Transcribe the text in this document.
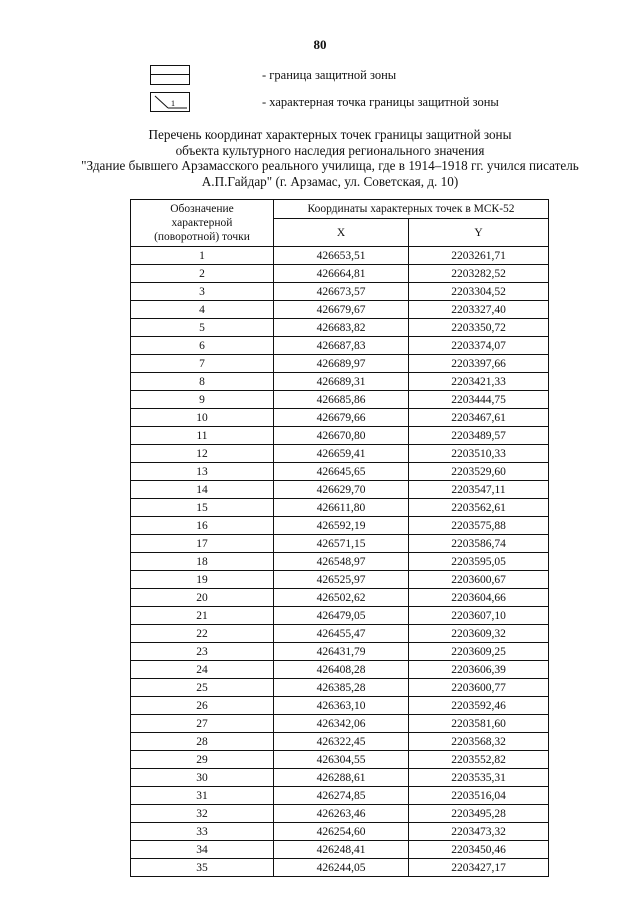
80
- граница защитной зоны
1	- характерная точка границы защитной зоны
Перечень координат характерных точек границы защитной зоны
объекта культурного наследия регионального значения
"Здание бывшего Арзамасского реального училища, где в 1914–1918 гг. учился писатель
А.П.Гайдар" (г. Арзамас, ул. Советская, д. 10)
Обозначение
характерной
(поворотной) точки	Координаты характерных точек в МСК-52	
	X	Y
1	426653,51	2203261,71
2	426664,81	2203282,52
3	426673,57	2203304,52
4	426679,67	2203327,40
5	426683,82	2203350,72
6	426687,83	2203374,07
7	426689,97	2203397,66
8	426689,31	2203421,33
9	426685,86	2203444,75
10	426679,66	2203467,61
11	426670,80	2203489,57
12	426659,41	2203510,33
13	426645,65	2203529,60
14	426629,70	2203547,11
15	426611,80	2203562,61
16	426592,19	2203575,88
17	426571,15	2203586,74
18	426548,97	2203595,05
19	426525,97	2203600,67
20	426502,62	2203604,66
21	426479,05	2203607,10
22	426455,47	2203609,32
23	426431,79	2203609,25
24	426408,28	2203606,39
25	426385,28	2203600,77
26	426363,10	2203592,46
27	426342,06	2203581,60
28	426322,45	2203568,32
29	426304,55	2203552,82
30	426288,61	2203535,31
31	426274,85	2203516,04
32	426263,46	2203495,28
33	426254,60	2203473,32
34	426248,41	2203450,46
35	426244,05	2203427,17
